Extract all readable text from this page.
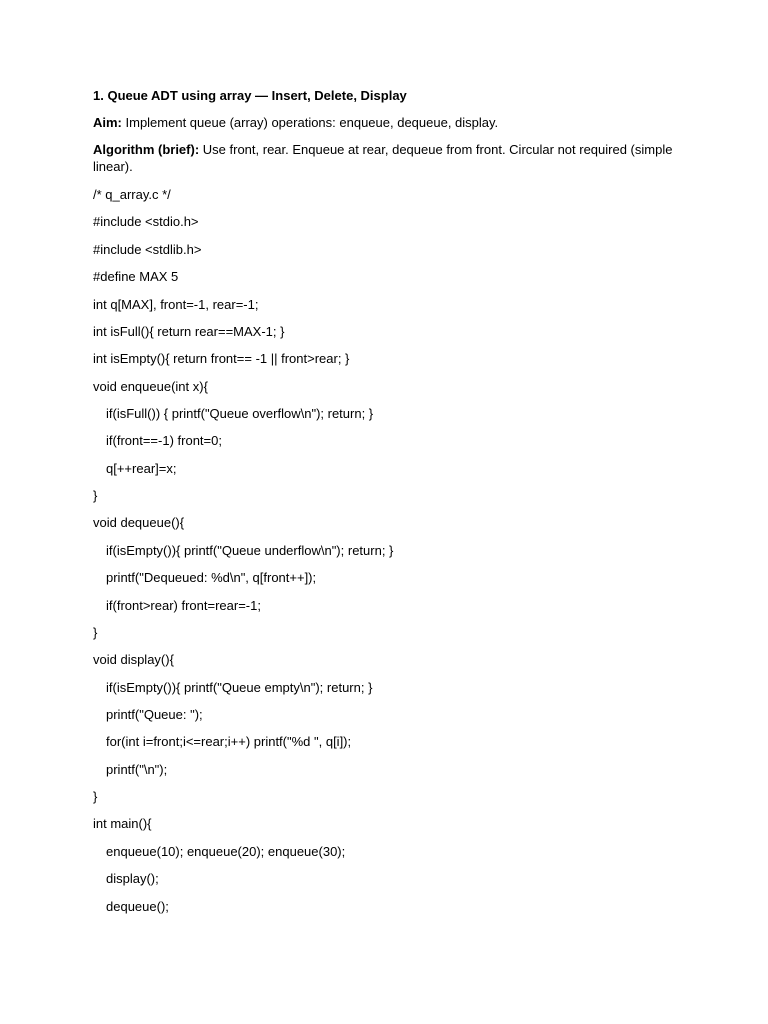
1. Queue ADT using array — Insert, Delete, Display
Aim: Implement queue (array) operations: enqueue, dequeue, display.
Algorithm (brief): Use front, rear. Enqueue at rear, dequeue from front. Circular not required (simple linear).
/* q_array.c */
#include <stdio.h>
#include <stdlib.h>
#define MAX 5
int q[MAX], front=-1, rear=-1;
int isFull(){ return rear==MAX-1; }
int isEmpty(){ return front== -1 || front>rear; }
void enqueue(int x){
if(isFull()) { printf("Queue overflow\n"); return; }
if(front==-1) front=0;
q[++rear]=x;
}
void dequeue(){
if(isEmpty()){ printf("Queue underflow\n"); return; }
printf("Dequeued: %d\n", q[front++]);
if(front>rear) front=rear=-1;
}
void display(){
if(isEmpty()){ printf("Queue empty\n"); return; }
printf("Queue: ");
for(int i=front;i<=rear;i++) printf("%d ", q[i]);
printf("\n");
}
int main(){
enqueue(10); enqueue(20); enqueue(30);
display();
dequeue();
